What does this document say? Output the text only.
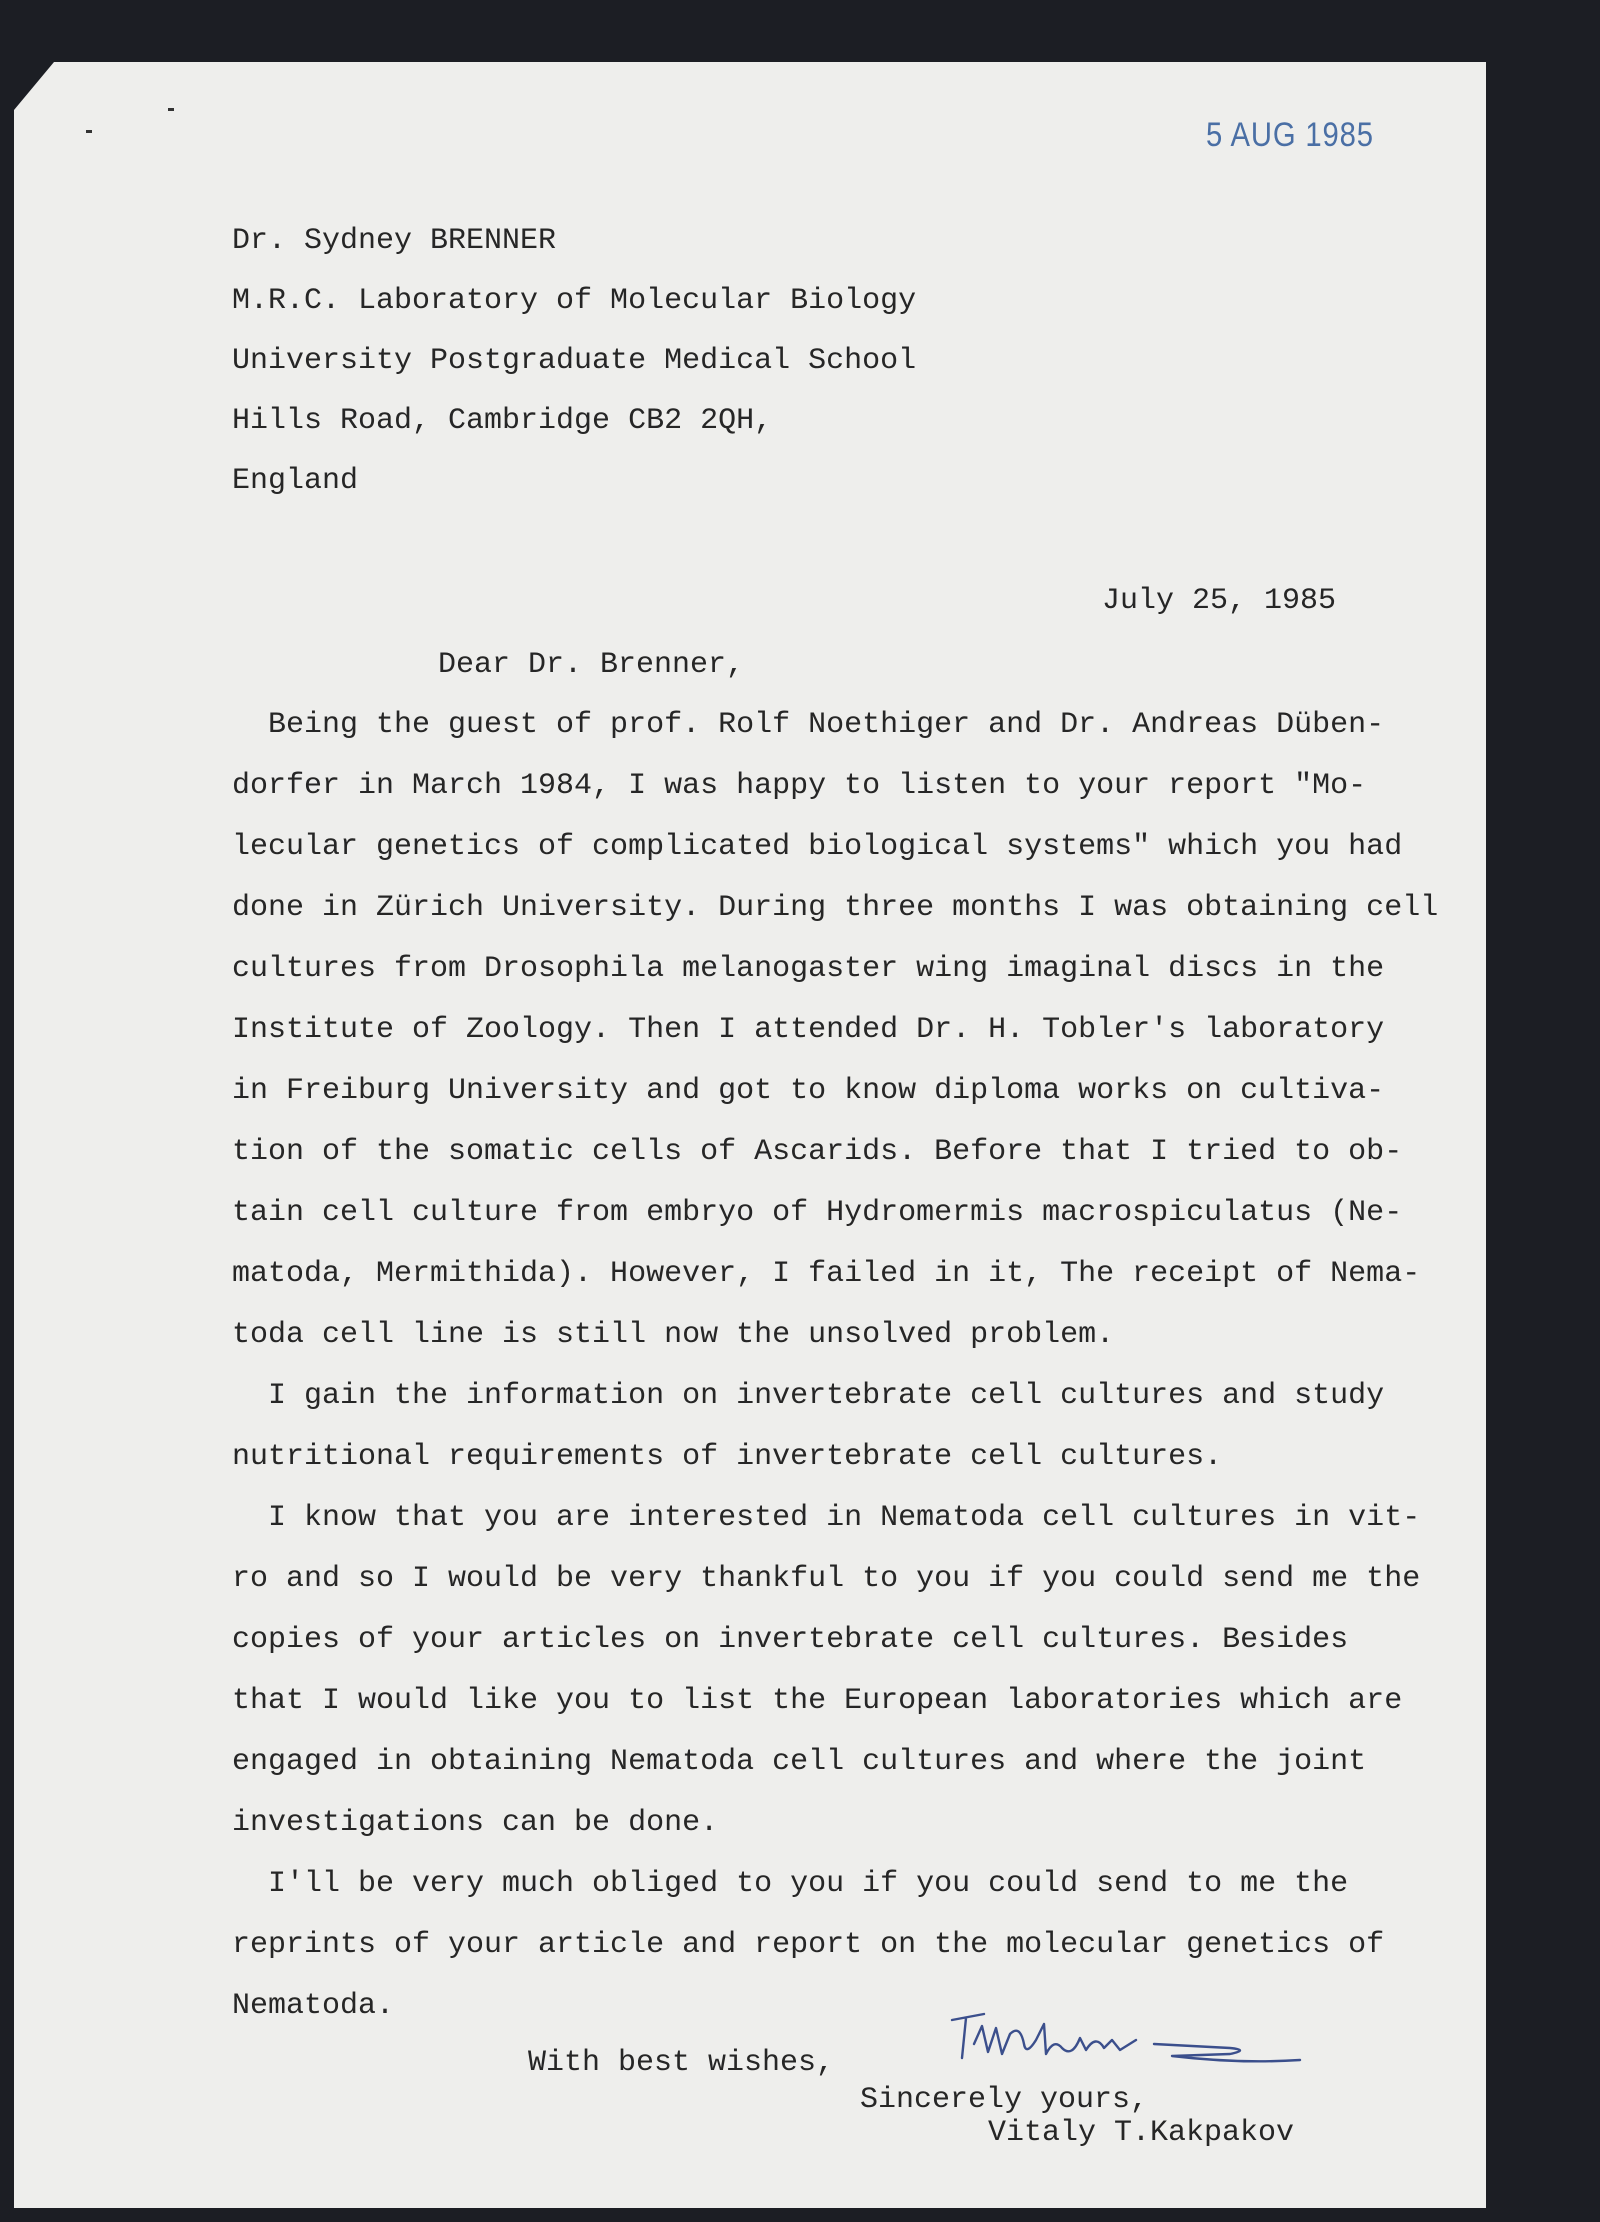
5 AUG 1985
Dr. Sydney BRENNER
M.R.C. Laboratory of Molecular Biology
University Postgraduate Medical School
Hills Road, Cambridge CB2 2QH,
England
July 25, 1985
Dear Dr. Brenner,
Being the guest of prof. Rolf Noethiger and Dr. Andreas Düben-
dorfer in March 1984, I was happy to listen to your report "Mo-
lecular genetics of complicated biological systems" which you had
done in Zürich University. During three months I was obtaining cell
cultures from Drosophila melanogaster wing imaginal discs in the
Institute of Zoology. Then I attended Dr. H. Tobler's laboratory
in Freiburg University and got to know diploma works on cultiva-
tion of the somatic cells of Ascarids. Before that I tried to ob-
tain cell culture from embryo of Hydromermis macrospiculatus (Ne-
matoda, Mermithida). However, I failed in it, The receipt of Nema-
toda cell line is still now the unsolved problem.
I gain the information on invertebrate cell cultures and study
nutritional requirements of invertebrate cell cultures.
I know that you are interested in Nematoda cell cultures in vit-
ro and so I would be very thankful to you if you could send me the
copies of your articles on invertebrate cell cultures. Besides
that I would like you to list the European laboratories which are
engaged in obtaining Nematoda cell cultures and where the joint
investigations can be done.
I'll be very much obliged to you if you could send to me the
reprints of your article and report on the molecular genetics of
Nematoda.
With best wishes,
Sincerely yours,
Vitaly T.Kakpakov
